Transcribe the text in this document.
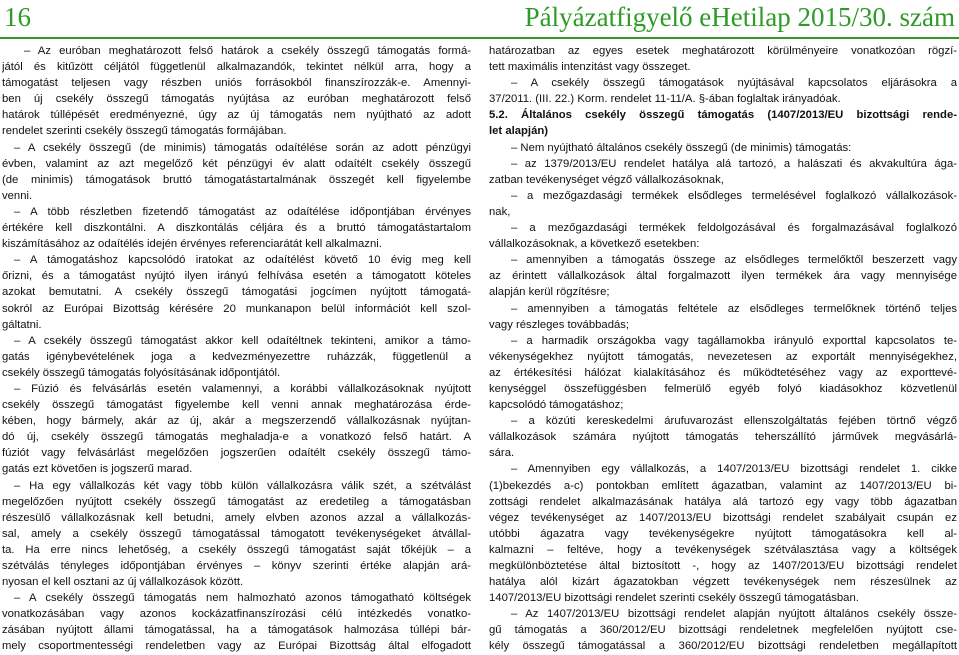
16	Pályázatfigyelő eHetilap 2015/30. szám
– Az euróban meghatározott felső határok a csekély összegű támogatás formá-
jától és kitűzött céljától függetlenül alkalmazandók, tekintet nélkül arra, hogy a
támogatást teljesen vagy részben uniós forrásokból finanszírozzák-e. Amennyi-
ben új csekély összegű támogatás nyújtása az euróban meghatározott felső
határok túllépését eredményezné, úgy az új támogatás nem nyújtható az adott
rendelet szerinti csekély összegű támogatás formájában.
– A csekély összegű (de minimis) támogatás odaítélése során az adott pénzügyi
évben, valamint az azt megelőző két pénzügyi év alatt odaítélt csekély összegű
(de minimis) támogatások bruttó támogatástartalmának összegét kell figyelembe
venni.
– A több részletben fizetendő támogatást az odaítélése időpontjában érvényes
értékére kell diszkontálni. A diszkontálás céljára és a bruttó támogatástartalom
kiszámításához az odaítélés idején érvényes referenciarátát kell alkalmazni.
– A támogatáshoz kapcsolódó iratokat az odaítélést követő 10 évig meg kell
őrizni, és a támogatást nyújtó ilyen irányú felhívása esetén a támogatott köteles
azokat bemutatni. A csekély összegű támogatási jogcímen nyújtott támogatá-
sokról az Európai Bizottság kérésére 20 munkanapon belül információt kell szol-
gáltatni.
– A csekély összegű támogatást akkor kell odaítéltnek tekinteni, amikor a támo-
gatás igénybevételének joga a kedvezményezettre ruházzák, függetlenül a
csekély összegű támogatás folyósításának időpontjától.
– Fúzió és felvásárlás esetén valamennyi, a korábbi vállalkozásoknak nyújtott
csekély összegű támogatást figyelembe kell venni annak meghatározása érde-
kében, hogy bármely, akár az új, akár a megszerzendő vállalkozásnak nyújtan-
dó új, csekély összegű támogatás meghaladja-e a vonatkozó felső határt. A
fúziót vagy felvásárlást megelőzően jogszerűen odaítélt csekély összegű támo-
gatás ezt követően is jogszerű marad.
– Ha egy vállalkozás két vagy több külön vállalkozásra válik szét, a szétválást
megelőzően nyújtott csekély összegű támogatást az eredetileg a támogatásban
részesülő vállalkozásnak kell betudni, amely elvben azonos azzal a vállalkozás-
sal, amely a csekély összegű támogatással támogatott tevékenységeket átvállal-
ta. Ha erre nincs lehetőség, a csekély összegű támogatást saját tőkéjük – a
szétválás tényleges időpontjában érvényes – könyv szerinti értéke alapján ará-
nyosan el kell osztani az új vállalkozások között.
– A csekély összegű támogatás nem halmozható azonos támogatható költségek
vonatkozásában vagy azonos kockázatfinanszírozási célú intézkedés vonatko-
zásában nyújtott állami támogatással, ha a támogatások halmozása túllépi bár-
mely csoportmentességi rendeletben vagy az Európai Bizottság által elfogadott
határozatban az egyes esetek meghatározott körülményeire vonatkozóan rögzí-
tett maximális intenzitást vagy összeget.
– A csekély összegű támogatások nyújtásával kapcsolatos eljárásokra a
37/2011. (III. 22.) Korm. rendelet 11-11/A. §-ában foglaltak irányadóak.
5.2. Általános csekély összegű támogatás (1407/2013/EU bizottsági rende-
let alapján)
– Nem nyújtható általános csekély összegű (de minimis) támogatás:
– az 1379/2013/EU rendelet hatálya alá tartozó, a halászati és akvakultúra ága-
zatban tevékenységet végző vállalkozásoknak,
– a mezőgazdasági termékek elsődleges termelésével foglalkozó vállalkozások-
nak,
– a mezőgazdasági termékek feldolgozásával és forgalmazásával foglalkozó
vállalkozásoknak, a következő esetekben:
– amennyiben a támogatás összege az elsődleges termelőktől beszerzett vagy
az érintett vállalkozások által forgalmazott ilyen termékek ára vagy mennyisége
alapján kerül rögzítésre;
– amennyiben a támogatás feltétele az elsődleges termelőknek történő teljes
vagy részleges továbbadás;
– a harmadik országokba vagy tagállamokba irányuló exporttal kapcsolatos te-
vékenységekhez nyújtott támogatás, nevezetesen az exportált mennyiségekhez,
az értékesítési hálózat kialakításához és működtetéséhez vagy az exporttevé-
kenységgel összefüggésben felmerülő egyéb folyó kiadásokhoz közvetlenül
kapcsolódó támogatáshoz;
– a közúti kereskedelmi árufuvarozást ellenszolgáltatás fejében törtnő végző
vállalkozások számára nyújtott támogatás teherszállító járművek megvásárlá-
sára.
– Amennyiben egy vállalkozás, a 1407/2013/EU bizottsági rendelet 1. cikke
(1)bekezdés a-c) pontokban említett ágazatban, valamint az 1407/2013/EU bi-
zottsági rendelet alkalmazásának hatálya alá tartozó egy vagy több ágazatban
végez tevékenységet az 1407/2013/EU bizottsági rendelet szabályait csupán ez
utóbbi ágazatra vagy tevékenységekre nyújtott támogatásokra kell al-
kalmazni – feltéve, hogy a tevékenységek szétválasztása vagy a költségek
megkülönböztetése által biztosított -, hogy az 1407/2013/EU bizottsági rendelet
hatálya alól kizárt ágazatokban végzett tevékenységek nem részesülnek az
1407/2013/EU bizottsági rendelet szerinti csekély összegű támogatásban.
– Az 1407/2013/EU bizottsági rendelet alapján nyújtott általános csekély össze-
gű támogatás a 360/2012/EU bizottsági rendeletnek megfelelően nyújtott cse-
kély összegű támogatással a 360/2012/EU bizottsági rendeletben megállapított
